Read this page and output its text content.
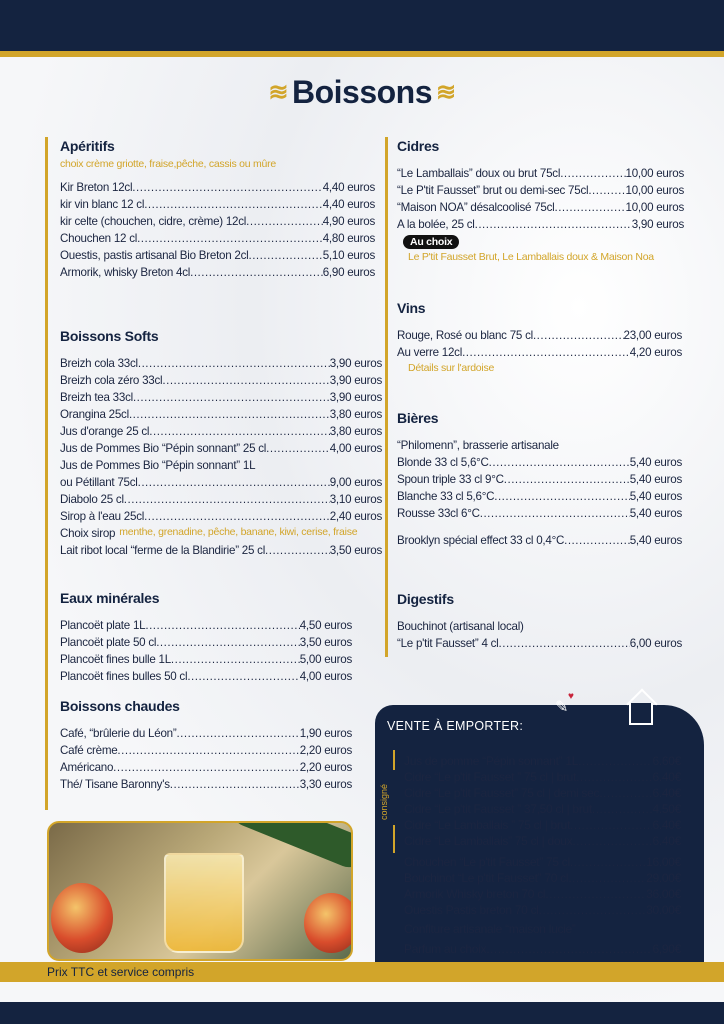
≋ Boissons ≋
Apéritifs
choix crème griotte, fraise,pêche, cassis ou mûre
Kir Breton 12cl .....	4,40 euros
kir vin blanc 12 cl .....	4,40 euros
kir celte (chouchen, cidre, crème) 12cl .....	4,90 euros
Chouchen 12 cl .....	4,80 euros
Ouestis, pastis artisanal Bio Breton 2cl .....	5,10 euros
Armorik, whisky Breton 4cl .....	6,90 euros
Boissons Softs
Breizh cola 33cl .....	3,90 euros
Breizh cola zéro 33cl .....	3,90 euros
Breizh tea 33cl .....	3,90 euros
Orangina 25cl .....	3,80 euros
Jus d'orange 25 cl .....	3,80 euros
Jus de Pommes Bio “Pépin sonnant” 25 cl .....	4,00 euros
Jus de Pommes Bio “Pépin sonnant” 1L
ou Pétillant 75cl .....	9,00 euros
Diabolo 25 cl .....	3,10 euros
Sirop à l'eau 25cl .....	2,40 euros
Choix sirop menthe, grenadine, pêche, banane, kiwi, cerise, fraise
Lait ribot local “ferme de la Blandirie” 25 cl .....	3,50 euros
Eaux minérales
Plancoët plate 1L .....	4,50 euros
Plancoët plate 50 cl .....	3,50 euros
Plancoët fines bulle 1L .....	5,00 euros
Plancoët fines bulles 50 cl .....	4,00 euros
Boissons chaudes
Café, “brûlerie du Léon” .....	1,90 euros
Café crème .....	2,20 euros
Américano .....	2,20 euros
Thé/ Tisane Baronny's .....	3,30 euros
Cidres
“Le Lamballais” doux ou brut 75cl .....	10,00 euros
“Le P'tit Fausset” brut ou demi-sec 75cl .....	10,00 euros
“Maison NOA” désalcoolisé 75cl .....	10,00 euros
A la bolée, 25 cl .....	3,90 euros
Au choix
Le P'tit Fausset Brut, Le Lamballais doux & Maison Noa
Vins
Rouge, Rosé ou blanc 75 cl .....	23,00 euros
Au verre 12cl .....	4,20 euros
Détails sur l'ardoise
Bières
“Philomenn”, brasserie artisanale
Blonde 33 cl 5,6°C .....	5,40 euros
Spoun triple 33 cl 9°C .....	5,40 euros
Blanche 33 cl 5,6°C .....	5,40 euros
Rousse 33cl 6°C .....	5,40 euros
Brooklyn spécial effect 33 cl 0,4°C .....	5,40 euros
Digestifs
Bouchinot (artisanal local)
“Le p'tit Fausset” 4 cl .....	6,00 euros
♥
✎
VENTE À EMPORTER:
consigné
Jus de pomme “Pépin sonnant” 1L .....	6.60€
Cidre “Le p'tit Fausset ” 75 cl | brut .....	6.40€
Cidre “Le p'tit Fausset” 75 cl | demi sec .....	6.40€
Cidre “Le p'tit Fausset ” 37,50 cl | brut .....	4.50€
Cidre “Le Lamballais ” 75 cl | brut .....	6.40€
Cidre “Le Lamballais” 75 cl | doux .....	6.40€
Chouchen “Le p'tit Fausset” 75 cl .....	16.00€
Bouchinot “Le p'tit Fausset” 70 cl .....	29.00€
Armorik Whisky breton 70 cl .....	36.00€
Ouestis Pastis breton 70 cl .....	30.00€
Confiture artisanale “maison lucie”
Parfum au choix .....	6,90€
Prix TTC et service compris
